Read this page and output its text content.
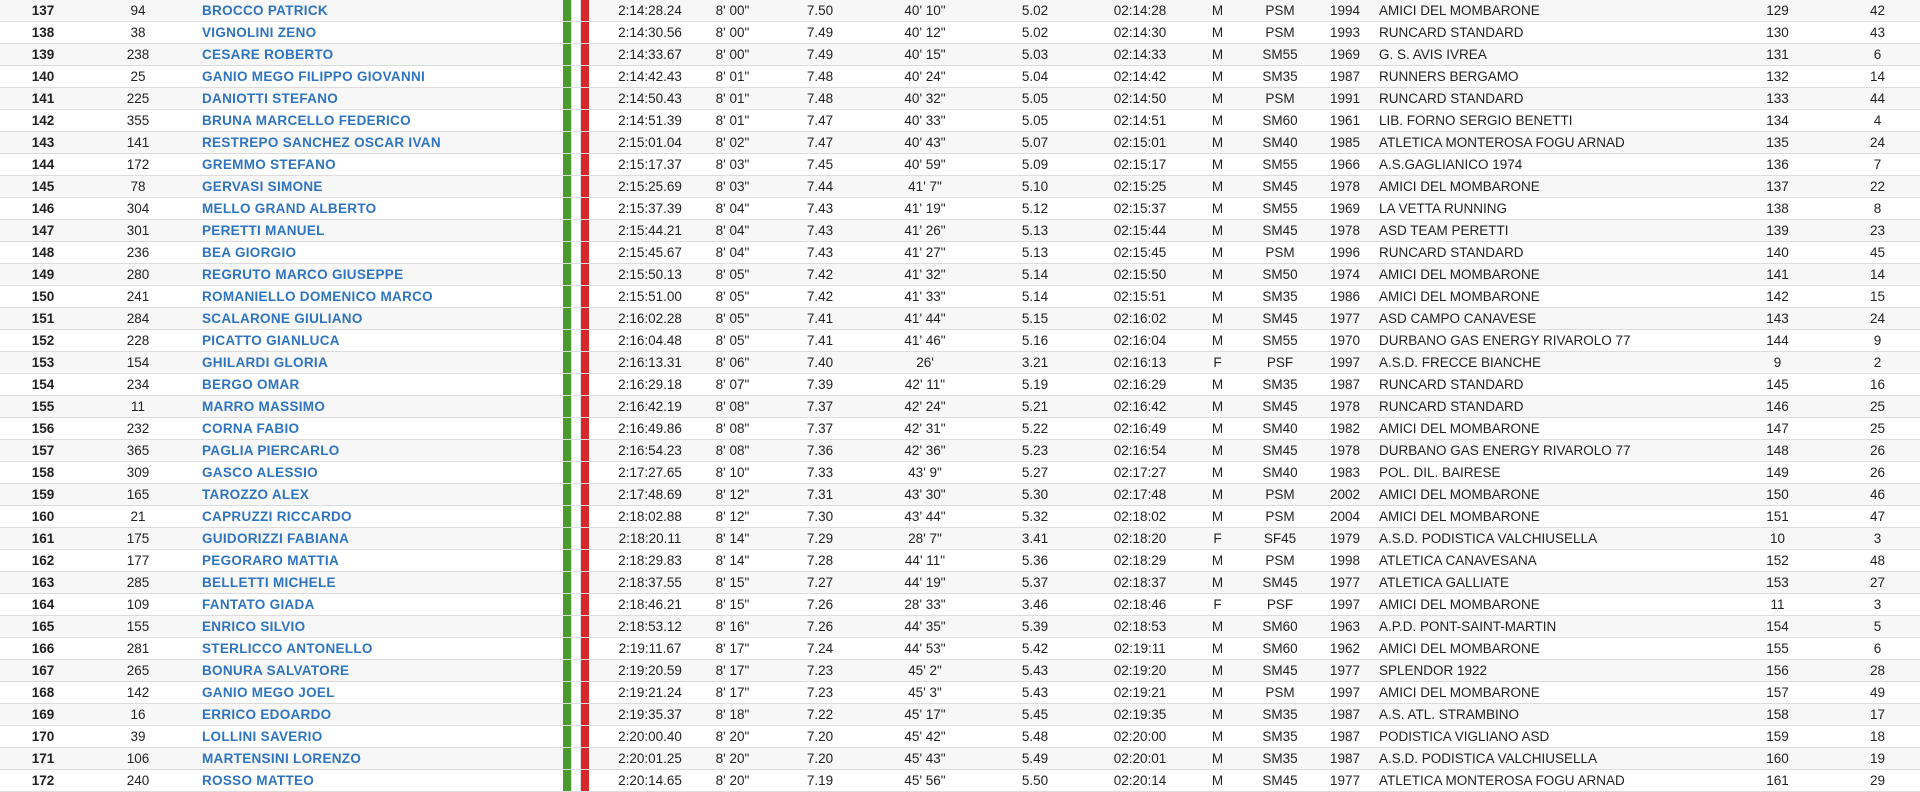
137	94	BROCCO PATRICK			2:14:28.24	8' 00"	7.50	40' 10"	5.02	02:14:28	M	PSM	1994	AMICI DEL MOMBARONE	129	42
138	38	VIGNOLINI ZENO			2:14:30.56	8' 00"	7.49	40' 12"	5.02	02:14:30	M	PSM	1993	RUNCARD STANDARD	130	43
139	238	CESARE ROBERTO			2:14:33.67	8' 00"	7.49	40' 15"	5.03	02:14:33	M	SM55	1969	G. S. AVIS IVREA	131	6
140	25	GANIO MEGO FILIPPO GIOVANNI			2:14:42.43	8' 01"	7.48	40' 24"	5.04	02:14:42	M	SM35	1987	RUNNERS BERGAMO	132	14
141	225	DANIOTTI STEFANO			2:14:50.43	8' 01"	7.48	40' 32"	5.05	02:14:50	M	PSM	1991	RUNCARD STANDARD	133	44
142	355	BRUNA MARCELLO FEDERICO			2:14:51.39	8' 01"	7.47	40' 33"	5.05	02:14:51	M	SM60	1961	LIB. FORNO SERGIO BENETTI	134	4
143	141	RESTREPO SANCHEZ OSCAR IVAN			2:15:01.04	8' 02"	7.47	40' 43"	5.07	02:15:01	M	SM40	1985	ATLETICA MONTEROSA FOGU ARNAD	135	24
144	172	GREMMO STEFANO			2:15:17.37	8' 03"	7.45	40' 59"	5.09	02:15:17	M	SM55	1966	A.S.GAGLIANICO 1974	136	7
145	78	GERVASI SIMONE			2:15:25.69	8' 03"	7.44	41' 7"	5.10	02:15:25	M	SM45	1978	AMICI DEL MOMBARONE	137	22
146	304	MELLO GRAND ALBERTO			2:15:37.39	8' 04"	7.43	41' 19"	5.12	02:15:37	M	SM55	1969	LA VETTA RUNNING	138	8
147	301	PERETTI MANUEL			2:15:44.21	8' 04"	7.43	41' 26"	5.13	02:15:44	M	SM45	1978	ASD TEAM PERETTI	139	23
148	236	BEA GIORGIO			2:15:45.67	8' 04"	7.43	41' 27"	5.13	02:15:45	M	PSM	1996	RUNCARD STANDARD	140	45
149	280	REGRUTO MARCO GIUSEPPE			2:15:50.13	8' 05"	7.42	41' 32"	5.14	02:15:50	M	SM50	1974	AMICI DEL MOMBARONE	141	14
150	241	ROMANIELLO DOMENICO MARCO			2:15:51.00	8' 05"	7.42	41' 33"	5.14	02:15:51	M	SM35	1986	AMICI DEL MOMBARONE	142	15
151	284	SCALARONE GIULIANO			2:16:02.28	8' 05"	7.41	41' 44"	5.15	02:16:02	M	SM45	1977	ASD CAMPO CANAVESE	143	24
152	228	PICATTO GIANLUCA			2:16:04.48	8' 05"	7.41	41' 46"	5.16	02:16:04	M	SM55	1970	DURBANO GAS ENERGY RIVAROLO 77	144	9
153	154	GHILARDI GLORIA			2:16:13.31	8' 06"	7.40	26'	3.21	02:16:13	F	PSF	1997	A.S.D. FRECCE BIANCHE	9	2
154	234	BERGO OMAR			2:16:29.18	8' 07"	7.39	42' 11"	5.19	02:16:29	M	SM35	1987	RUNCARD STANDARD	145	16
155	11	MARRO MASSIMO			2:16:42.19	8' 08"	7.37	42' 24"	5.21	02:16:42	M	SM45	1978	RUNCARD STANDARD	146	25
156	232	CORNA FABIO			2:16:49.86	8' 08"	7.37	42' 31"	5.22	02:16:49	M	SM40	1982	AMICI DEL MOMBARONE	147	25
157	365	PAGLIA PIERCARLO			2:16:54.23	8' 08"	7.36	42' 36"	5.23	02:16:54	M	SM45	1978	DURBANO GAS ENERGY RIVAROLO 77	148	26
158	309	GASCO ALESSIO			2:17:27.65	8' 10"	7.33	43' 9"	5.27	02:17:27	M	SM40	1983	POL. DIL. BAIRESE	149	26
159	165	TAROZZO ALEX			2:17:48.69	8' 12"	7.31	43' 30"	5.30	02:17:48	M	PSM	2002	AMICI DEL MOMBARONE	150	46
160	21	CAPRUZZI RICCARDO			2:18:02.88	8' 12"	7.30	43' 44"	5.32	02:18:02	M	PSM	2004	AMICI DEL MOMBARONE	151	47
161	175	GUIDORIZZI FABIANA			2:18:20.11	8' 14"	7.29	28' 7"	3.41	02:18:20	F	SF45	1979	A.S.D. PODISTICA VALCHIUSELLA	10	3
162	177	PEGORARO MATTIA			2:18:29.83	8' 14"	7.28	44' 11"	5.36	02:18:29	M	PSM	1998	ATLETICA CANAVESANA	152	48
163	285	BELLETTI MICHELE			2:18:37.55	8' 15"	7.27	44' 19"	5.37	02:18:37	M	SM45	1977	ATLETICA GALLIATE	153	27
164	109	FANTATO GIADA			2:18:46.21	8' 15"	7.26	28' 33"	3.46	02:18:46	F	PSF	1997	AMICI DEL MOMBARONE	11	3
165	155	ENRICO SILVIO			2:18:53.12	8' 16"	7.26	44' 35"	5.39	02:18:53	M	SM60	1963	A.P.D. PONT-SAINT-MARTIN	154	5
166	281	STERLICCO ANTONELLO			2:19:11.67	8' 17"	7.24	44' 53"	5.42	02:19:11	M	SM60	1962	AMICI DEL MOMBARONE	155	6
167	265	BONURA SALVATORE			2:19:20.59	8' 17"	7.23	45' 2"	5.43	02:19:20	M	SM45	1977	SPLENDOR 1922	156	28
168	142	GANIO MEGO JOEL			2:19:21.24	8' 17"	7.23	45' 3"	5.43	02:19:21	M	PSM	1997	AMICI DEL MOMBARONE	157	49
169	16	ERRICO EDOARDO			2:19:35.37	8' 18"	7.22	45' 17"	5.45	02:19:35	M	SM35	1987	A.S. ATL. STRAMBINO	158	17
170	39	LOLLINI SAVERIO			2:20:00.40	8' 20"	7.20	45' 42"	5.48	02:20:00	M	SM35	1987	PODISTICA VIGLIANO ASD	159	18
171	106	MARTENSINI LORENZO			2:20:01.25	8' 20"	7.20	45' 43"	5.49	02:20:01	M	SM35	1987	A.S.D. PODISTICA VALCHIUSELLA	160	19
172	240	ROSSO MATTEO			2:20:14.65	8' 20"	7.19	45' 56"	5.50	02:20:14	M	SM45	1977	ATLETICA MONTEROSA FOGU ARNAD	161	29
